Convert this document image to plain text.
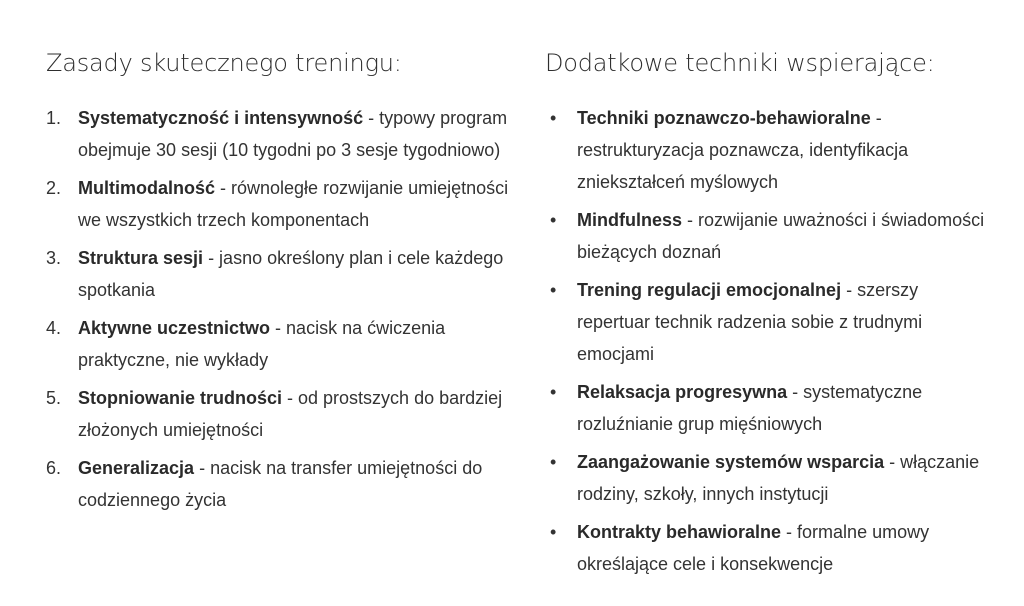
Zasady skutecznego treningu:
1. Systematyczność i intensywność - typowy program obejmuje 30 sesji (10 tygodni po 3 sesje tygodniowo)
2. Multimodalność - równoległe rozwijanie umiejętności we wszystkich trzech komponentach
3. Struktura sesji - jasno określony plan i cele każdego spotkania
4. Aktywne uczestnictwo - nacisk na ćwiczenia praktyczne, nie wykłady
5. Stopniowanie trudności - od prostszych do bardziej złożonych umiejętności
6. Generalizacja - nacisk na transfer umiejętności do codziennego życia
Dodatkowe techniki wspierające:
•	Techniki poznawczo-behawioralne - restrukturyzacja poznawcza, identyfikacja zniekształceń myślowych
•	Mindfulness - rozwijanie uważności i świadomości bieżących doznań
•	Trening regulacji emocjonalnej - szerszy repertuar technik radzenia sobie z trudnymi emocjami
•	Relaksacja progresywna - systematyczne rozluźnianie grup mięśniowych
•	Zaangażowanie systemów wsparcia - włączanie rodziny, szkoły, innych instytucji
•	Kontrakty behawioralne - formalne umowy określające cele i konsekwencje
